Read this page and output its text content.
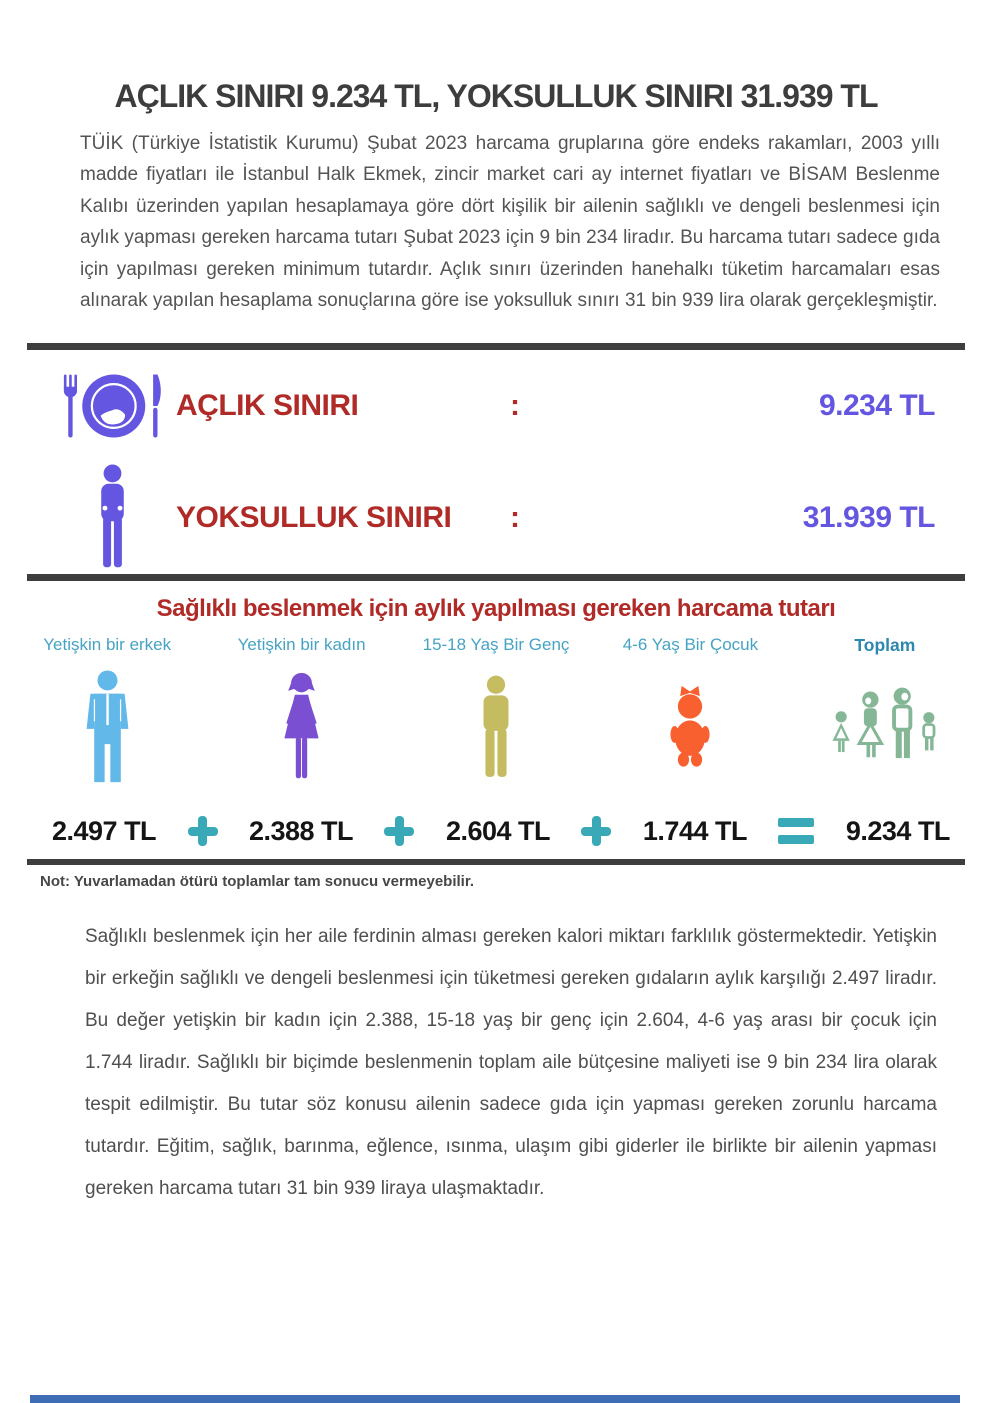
AÇLIK SINIRI 9.234 TL, YOKSULLUK SINIRI 31.939 TL

TÜİK (Türkiye İstatistik Kurumu) Şubat 2023 harcama gruplarına göre endeks rakamları, 2003 yıllı madde fiyatları ile İstanbul Halk Ekmek, zincir market cari ay internet fiyatları ve BİSAM Beslenme Kalıbı üzerinden yapılan hesaplamaya göre dört kişilik bir ailenin sağlıklı ve dengeli beslenmesi için aylık yapması gereken harcama tutarı Şubat 2023 için 9 bin 234 liradır. Bu harcama tutarı sadece gıda için yapılması gereken minimum tutardır. Açlık sınırı üzerinden hanehalkı tüketim harcamaları esas alınarak yapılan hesaplama sonuçlarına göre ise yoksulluk sınırı 31 bin 939 lira olarak gerçekleşmiştir.

AÇLIK SINIRI	:	9.234 TL
YOKSULLUK SINIRI	:	31.939 TL
Sağlıklı beslenmek için aylık yapılması gereken harcama tutarı
Yetişkin bir erkek	Yetişkin bir kadın	15-18 Yaş Bir Genç	4-6 Yaş Bir Çocuk	Toplam
2.497 TL	2.388 TL	2.604 TL	1.744 TL	9.234 TL

Not: Yuvarlamadan ötürü toplamlar tam sonucu vermeyebilir.

Sağlıklı beslenmek için her aile ferdinin alması gereken kalori miktarı farklılık göstermektedir. Yetişkin bir erkeğin sağlıklı ve dengeli beslenmesi için tüketmesi gereken gıdaların aylık karşılığı 2.497 liradır. Bu değer yetişkin bir kadın için 2.388, 15-18 yaş bir genç için 2.604, 4-6 yaş arası bir çocuk için 1.744 liradır. Sağlıklı bir biçimde beslenmenin toplam aile bütçesine maliyeti ise 9 bin 234 lira olarak tespit edilmiştir. Bu tutar söz konusu ailenin sadece gıda için yapması gereken zorunlu harcama tutardır. Eğitim, sağlık, barınma, eğlence, ısınma, ulaşım gibi giderler ile birlikte bir ailenin yapması gereken harcama tutarı 31 bin 939 liraya ulaşmaktadır.
